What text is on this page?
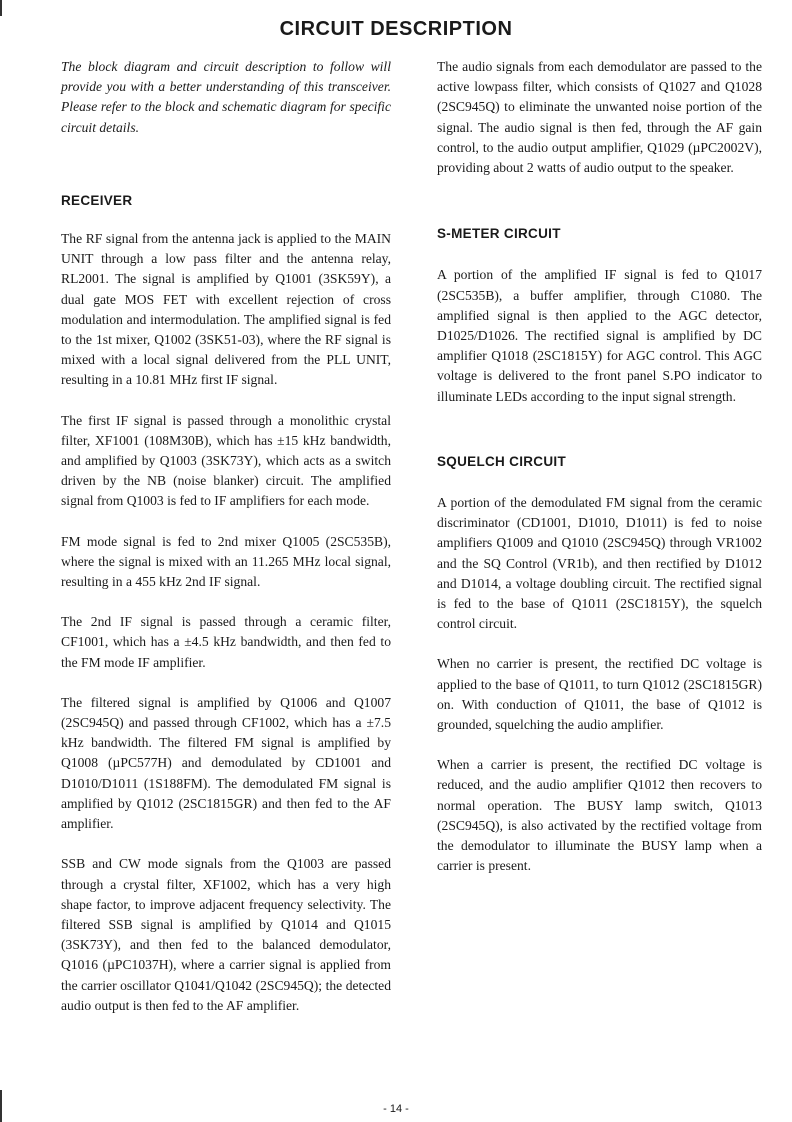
CIRCUIT DESCRIPTION

The block diagram and circuit description to follow will provide you with a better understanding of this transceiver. Please refer to the block and schematic diagram for specific circuit details.

RECEIVER

The RF signal from the antenna jack is applied to the MAIN UNIT through a low pass filter and the antenna relay, RL2001. The signal is amplified by Q1001 (3SK59Y), a dual gate MOS FET with excellent rejection of cross modulation and intermodulation. The amplified signal is fed to the 1st mixer, Q1002 (3SK51-03), where the RF signal is mixed with a local signal delivered from the PLL UNIT, resulting in a 10.81 MHz first IF signal.

The first IF signal is passed through a monolithic crystal filter, XF1001 (108M30B), which has ±15 kHz bandwidth, and amplified by Q1003 (3SK73Y), which acts as a switch driven by the NB (noise blanker) circuit. The amplified signal from Q1003 is fed to IF amplifiers for each mode.

FM mode signal is fed to 2nd mixer Q1005 (2SC535B), where the signal is mixed with an 11.265 MHz local signal, resulting in a 455 kHz 2nd IF signal.

The 2nd IF signal is passed through a ceramic filter, CF1001, which has a ±4.5 kHz bandwidth, and then fed to the FM mode IF amplifier.

The filtered signal is amplified by Q1006 and Q1007 (2SC945Q) and passed through CF1002, which has a ±7.5 kHz bandwidth. The filtered FM signal is amplified by Q1008 (µPC577H) and demodulated by CD1001 and D1010/D1011 (1S188FM). The demodulated FM signal is amplified by Q1012 (2SC1815GR) and then fed to the AF amplifier.

SSB and CW mode signals from the Q1003 are passed through a crystal filter, XF1002, which has a very high shape factor, to improve adjacent frequency selectivity. The filtered SSB signal is amplified by Q1014 and Q1015 (3SK73Y), and then fed to the balanced demodulator, Q1016 (µPC1037H), where a carrier signal is applied from the carrier oscillator Q1041/Q1042 (2SC945Q); the detected audio output is then fed to the AF amplifier.

The audio signals from each demodulator are passed to the active lowpass filter, which consists of Q1027 and Q1028 (2SC945Q) to eliminate the unwanted noise portion of the signal. The audio signal is then fed, through the AF gain control, to the audio output amplifier, Q1029 (µPC2002V), providing about 2 watts of audio output to the speaker.

S-METER CIRCUIT

A portion of the amplified IF signal is fed to Q1017 (2SC535B), a buffer amplifier, through C1080. The amplified signal is then applied to the AGC detector, D1025/D1026. The rectified signal is amplified by DC amplifier Q1018 (2SC1815Y) for AGC control. This AGC voltage is delivered to the front panel S.PO indicator to illuminate LEDs according to the input signal strength.

SQUELCH CIRCUIT

A portion of the demodulated FM signal from the ceramic discriminator (CD1001, D1010, D1011) is fed to noise amplifiers Q1009 and Q1010 (2SC945Q) through VR1002 and the SQ Control (VR1b), and then rectified by D1012 and D1014, a voltage doubling circuit. The rectified signal is fed to the base of Q1011 (2SC1815Y), the squelch control circuit.

When no carrier is present, the rectified DC voltage is applied to the base of Q1011, to turn Q1012 (2SC1815GR) on. With conduction of Q1011, the base of Q1012 is grounded, squelching the audio amplifier.

When a carrier is present, the rectified DC voltage is reduced, and the audio amplifier Q1012 then recovers to normal operation. The BUSY lamp switch, Q1013 (2SC945Q), is also activated by the rectified voltage from the demodulator to illuminate the BUSY lamp when a carrier is present.

- 14 -
